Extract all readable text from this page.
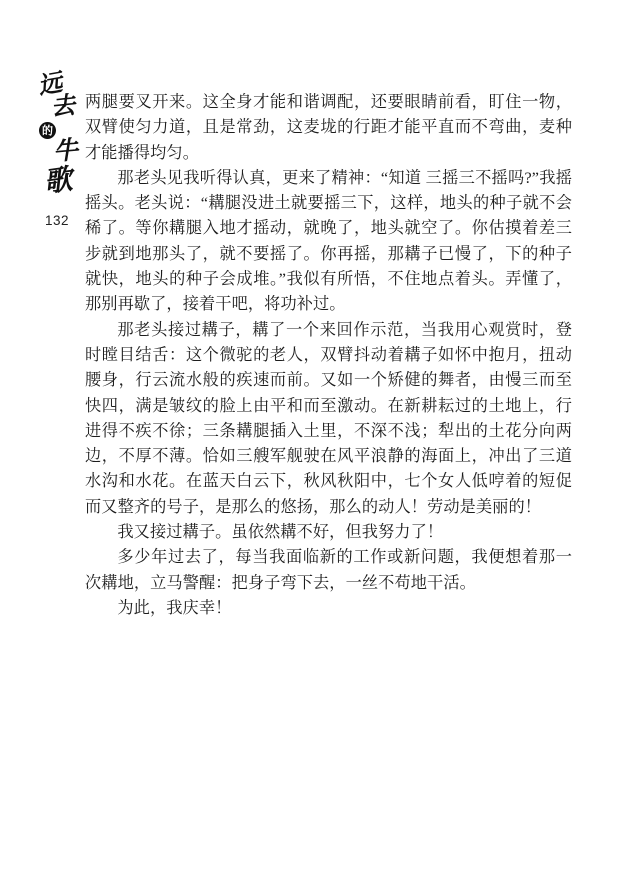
远
去
的
牛
歌
132

两腿要叉开来。这全身才能和谐调配，还要眼睛前看，盯住一物，双臂使匀力道，且是常劲，这麦垅的行距才能平直而不弯曲，麦种才能播得均匀。

那老头见我听得认真，更来了精神：“知道 三摇三不摇吗?”我摇摇头。老头说：“耩腿没进土就要摇三下，这样，地头的种子就不会稀了。等你耩腿入地才摇动，就晚了，地头就空了。你估摸着差三步就到地那头了，就不要摇了。你再摇，那耩子已慢了，下的种子就快，地头的种子会成堆。”我似有所悟，不住地点着头。弄懂了，那别再歇了，接着干吧，将功补过。

那老头接过耩子，耩了一个来回作示范，当我用心观赏时，登时瞠目结舌：这个微驼的老人，双臂抖动着耩子如怀中抱月，扭动腰身，行云流水般的疾速而前。又如一个矫健的舞者，由慢三而至快四，满是皱纹的脸上由平和而至激动。在新耕耘过的土地上，行进得不疾不徐；三条耩腿插入土里，不深不浅；犁出的土花分向两边，不厚不薄。恰如三艘军舰驶在风平浪静的海面上，冲出了三道水沟和水花。在蓝天白云下，秋风秋阳中，七个女人低哼着的短促而又整齐的号子，是那么的悠扬，那么的动人！劳动是美丽的！

我又接过耩子。虽依然耩不好，但我努力了！

多少年过去了，每当我面临新的工作或新问题，我便想着那一次耩地，立马警醒：把身子弯下去，一丝不苟地干活。

为此，我庆幸！
